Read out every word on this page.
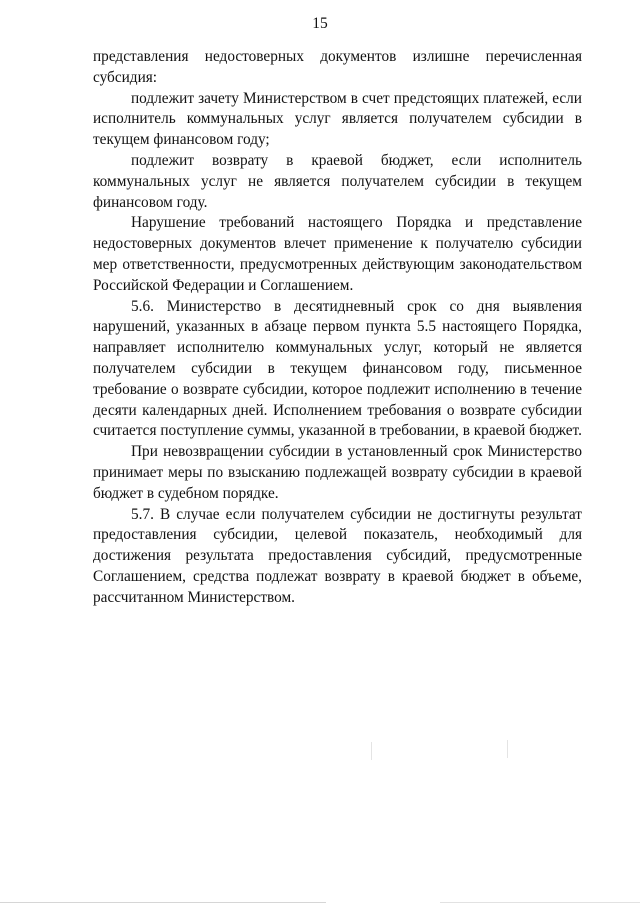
15

представления недостоверных документов излишне перечисленная субсидия:

подлежит зачету Министерством в счет предстоящих платежей, если исполнитель коммунальных услуг является получателем субсидии в текущем финансовом году;

подлежит возврату в краевой бюджет, если исполнитель коммунальных услуг не является получателем субсидии в текущем финансовом году.

Нарушение требований настоящего Порядка и представление недостоверных документов влечет применение к получателю субсидии мер ответственности, предусмотренных действующим законодательством Российской Федерации и Соглашением.

5.6. Министерство в десятидневный срок со дня выявления нарушений, указанных в абзаце первом пункта 5.5 настоящего Порядка, направляет исполнителю коммунальных услуг, который не является получателем субсидии в текущем финансовом году, письменное требование о возврате субсидии, которое подлежит исполнению в течение десяти календарных дней. Исполнением требования о возврате субсидии считается поступление суммы, указанной в требовании, в краевой бюджет.

При невозвращении субсидии в установленный срок Министерство принимает меры по взысканию подлежащей возврату субсидии в краевой бюджет в судебном порядке.

5.7. В случае если получателем субсидии не достигнуты результат предоставления субсидии, целевой показатель, необходимый для достижения результата предоставления субсидий, предусмотренные Соглашением, средства подлежат возврату в краевой бюджет в объеме, рассчитанном Министерством.
